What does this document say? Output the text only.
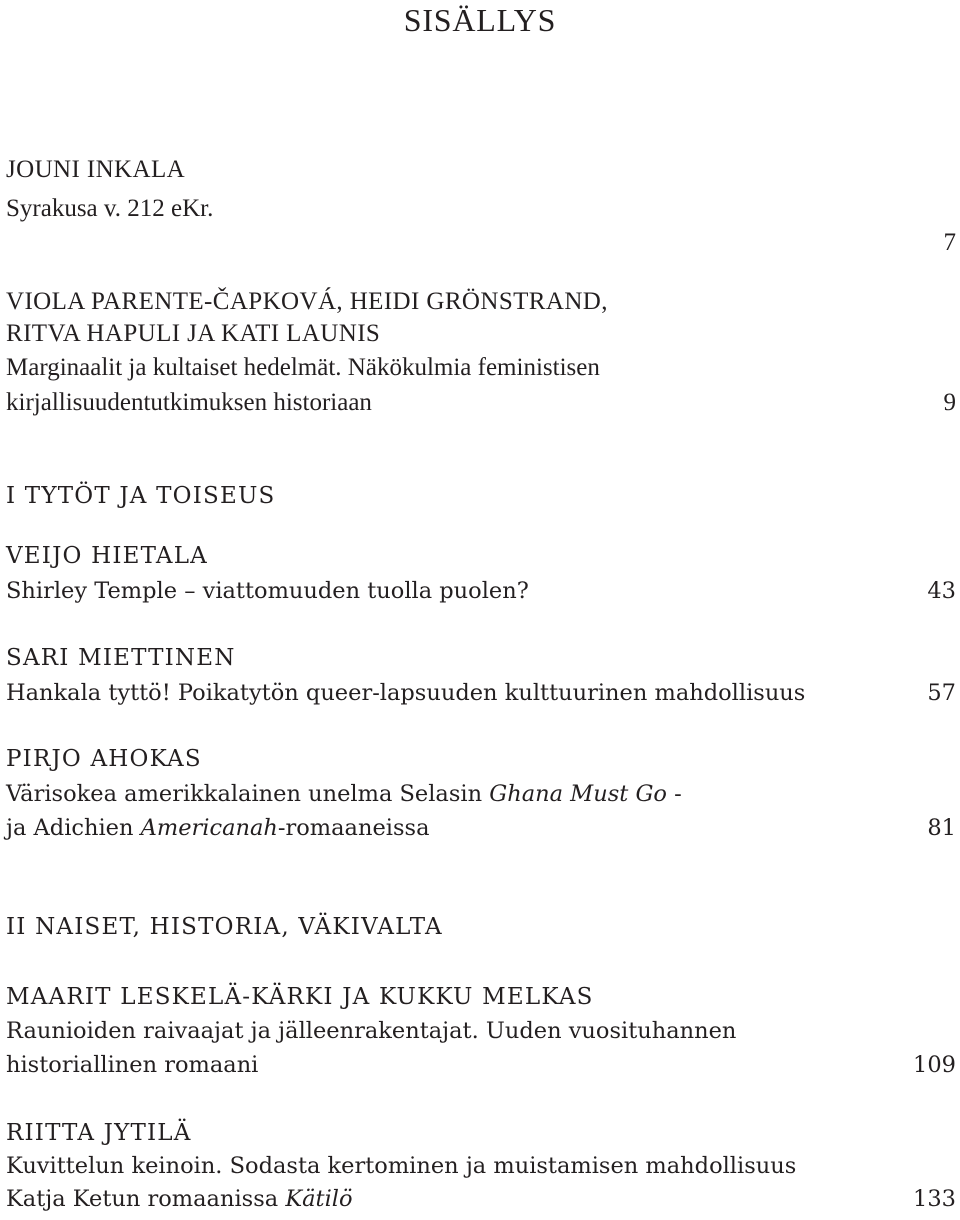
SISÄLLYS
JOUNI INKALA
Syrakusa v. 212 eKr.
7
VIOLA PARENTE-ČAPKOVÁ, HEIDI GRÖNSTRAND,
RITVA HAPULI JA KATI LAUNIS
Marginaalit ja kultaiset hedelmät. Näkökulmia feministisen
kirjallisuudentutkimuksen historiaan	9
I TYTÖT JA TOISEUS
VEIJO HIETALA
Shirley Temple – viattomuuden tuolla puolen?	43
SARI MIETTINEN
Hankala tyttö! Poikatytön queer-lapsuuden kulttuurinen mahdollisuus	57
PIRJO AHOKAS
Värisokea amerikkalainen unelma Selasin Ghana Must Go -
ja Adichien Americanah-romaaneissa	81
II NAISET, HISTORIA, VÄKIVALTA
MAARIT LESKELÄ-KÄRKI JA KUKKU MELKAS
Raunioiden raivaajat ja jälleenrakentajat. Uuden vuosituhannen
historiallinen romaani	109
RIITTA JYTILÄ
Kuvittelun keinoin. Sodasta kertominen ja muistamisen mahdollisuus
Katja Ketun romaanissa Kätilö	133
